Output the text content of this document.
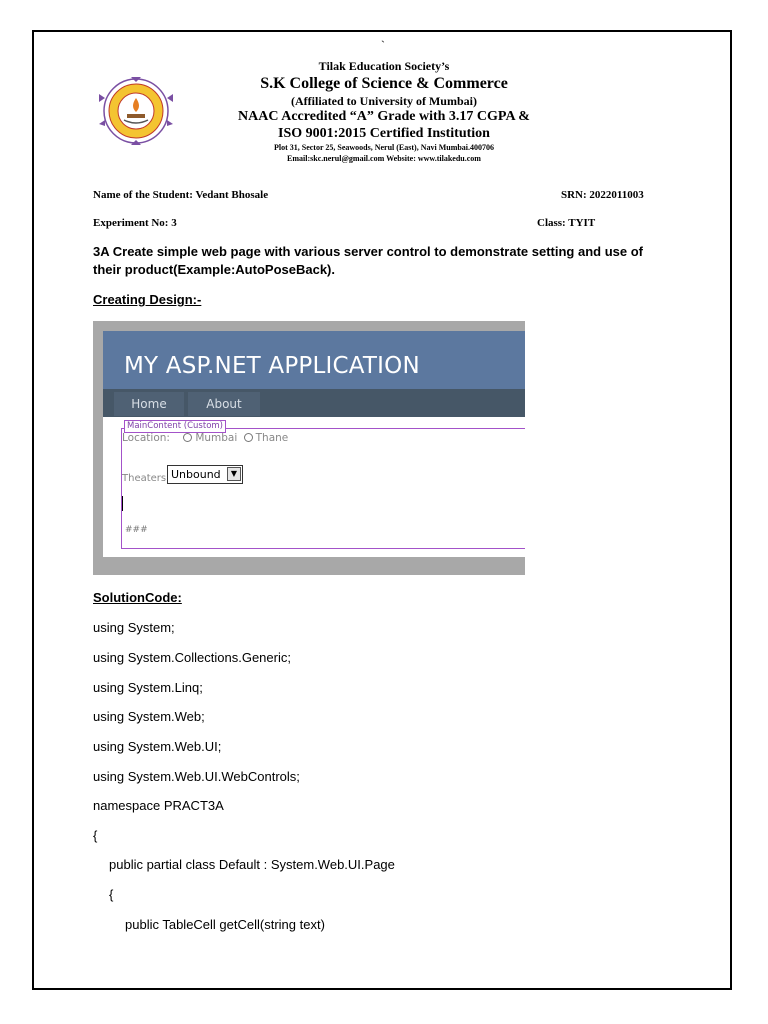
`
Tilak Education Society’s
S.K College of Science & Commerce
(Affiliated to University of Mumbai)
NAAC Accredited “A” Grade with 3.17 CGPA &
ISO 9001:2015 Certified Institution
Plot 31, Sector 25, Seawoods, Nerul (East), Navi Mumbai.400706
Email:skc.nerul@gmail.com Website: www.tilakedu.com
Name of the Student: Vedant Bhosale	SRN: 2022011003
Experiment No: 3	Class: TYIT
3A Create simple web page with various server control to demonstrate setting and use of their product(Example:AutoPoseBack).
Creating Design:-
MY ASP.NET APPLICATION
Home	About
MainContent (Custom)
Location: Mumbai Thane
Theaters Unbound	▼
###
SolutionCode:
using System;
using System.Collections.Generic;
using System.Linq;
using System.Web;
using System.Web.UI;
using System.Web.UI.WebControls;
namespace PRACT3A
{
public partial class Default : System.Web.UI.Page
{
public TableCell getCell(string text)
